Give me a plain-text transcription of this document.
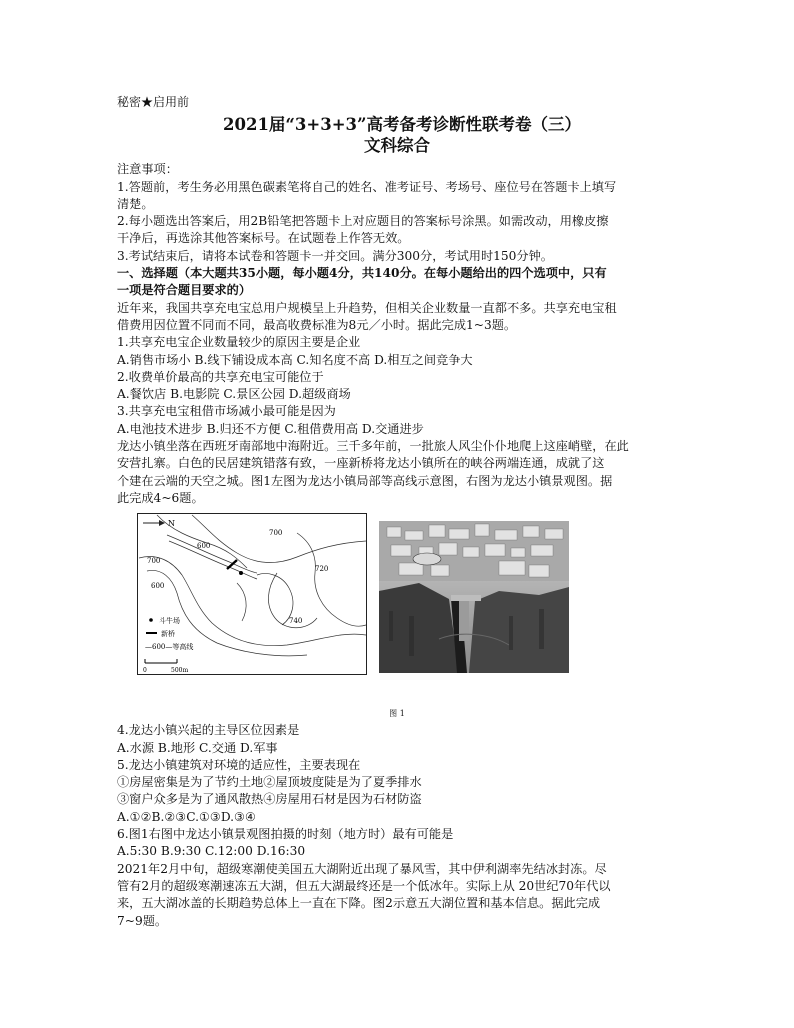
秘密★启用前
2021届“3+3+3”高考备考诊断性联考卷（三）
文科综合
注意事项：
1.答题前，考生务必用黑色碳素笔将自己的姓名、准考证号、考场号、座位号在答题卡上填写
清楚。
2.每小题选出答案后，用2B铅笔把答题卡上对应题目的答案标号涂黑。如需改动，用橡皮擦
干净后，再选涂其他答案标号。在试题卷上作答无效。
3.考试结束后，请将本试卷和答题卡一并交回。满分300分，考试用时150分钟。
一、选择题（本大题共35小题，每小题4分，共140分。在每小题给出的四个选项中，只有
一项是符合题目要求的）
近年来，我国共享充电宝总用户规模呈上升趋势，但相关企业数量一直都不多。共享充电宝租
借费用因位置不同而不同，最高收费标准为8元／小时。据此完成1~3题。
1.共享充电宝企业数量较少的原因主要是企业
A.销售市场小 B.线下铺设成本高 C.知名度不高 D.相互之间竞争大
2.收费单价最高的共享充电宝可能位于
A.餐饮店 B.电影院 C.景区公园 D.超级商场
3.共享充电宝租借市场减小最可能是因为
A.电池技术进步 B.归还不方便 C.租借费用高 D.交通进步
龙达小镇坐落在西班牙南部地中海附近。三千多年前，一批旅人风尘仆仆地爬上这座峭壁，在此
安营扎寨。白色的民居建筑错落有致，一座新桥将龙达小镇所在的峡谷两端连通，成就了这
个建在云端的天空之城。图1左图为龙达小镇局部等高线示意图，右图为龙达小镇景观图。据
此完成4~6题。
N
600
700
700
600
720
740
斗牛场
新桥
—600—等高线
0	500m
图 1
4.龙达小镇兴起的主导区位因素是
A.水源 B.地形 C.交通 D.军事
5.龙达小镇建筑对环境的适应性，主要表现在
①房屋密集是为了节约土地②屋顶坡度陡是为了夏季排水
③窗户众多是为了通风散热④房屋用石材是因为石材防盗
A.①②B.②③C.①③D.③④
6.图1右图中龙达小镇景观图拍摄的时刻（地方时）最有可能是
A.5:30 B.9:30 C.12:00 D.16:30
2021年2月中旬，超级寒潮使美国五大湖附近出现了暴风雪，其中伊利湖率先结冰封冻。尽
管有2月的超级寒潮速冻五大湖，但五大湖最终还是一个低冰年。实际上从 20世纪70年代以
来，五大湖冰盖的长期趋势总体上一直在下降。图2示意五大湖位置和基本信息。据此完成
7~9题。
